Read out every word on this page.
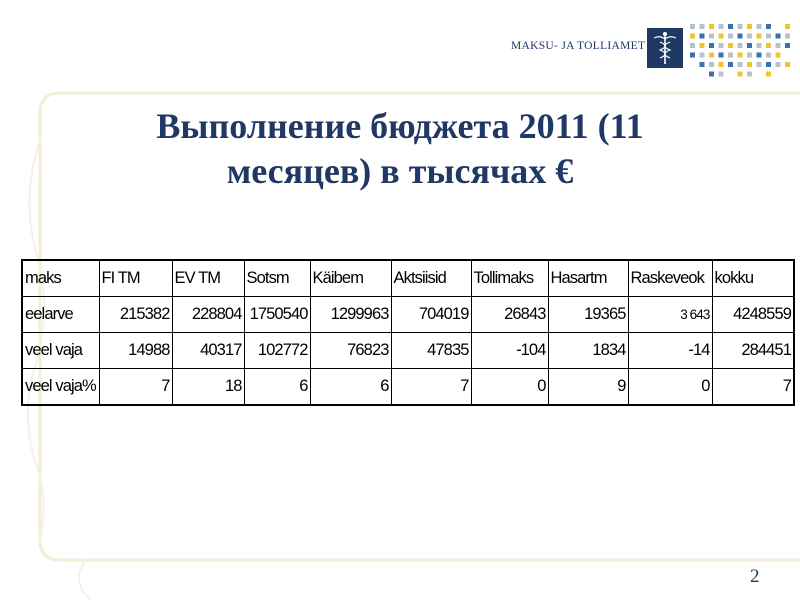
MAKSU- JA TOLLIAMET
Выполнение бюджета 2011 (11
месяцев) в тысячах €
maks	FI TM	EV TM	Sotsm	Käibem	Aktsiisid	Tollimaks	Hasartm	Raskeveok	kokku
eelarve	215382	228804	1750540	1299963	704019	26843	19365	3 643	4248559
veel vaja	14988	40317	102772	76823	47835	-104	1834	-14	284451
veel vaja%	7	18	6	6	7	0	9	0	7
2
